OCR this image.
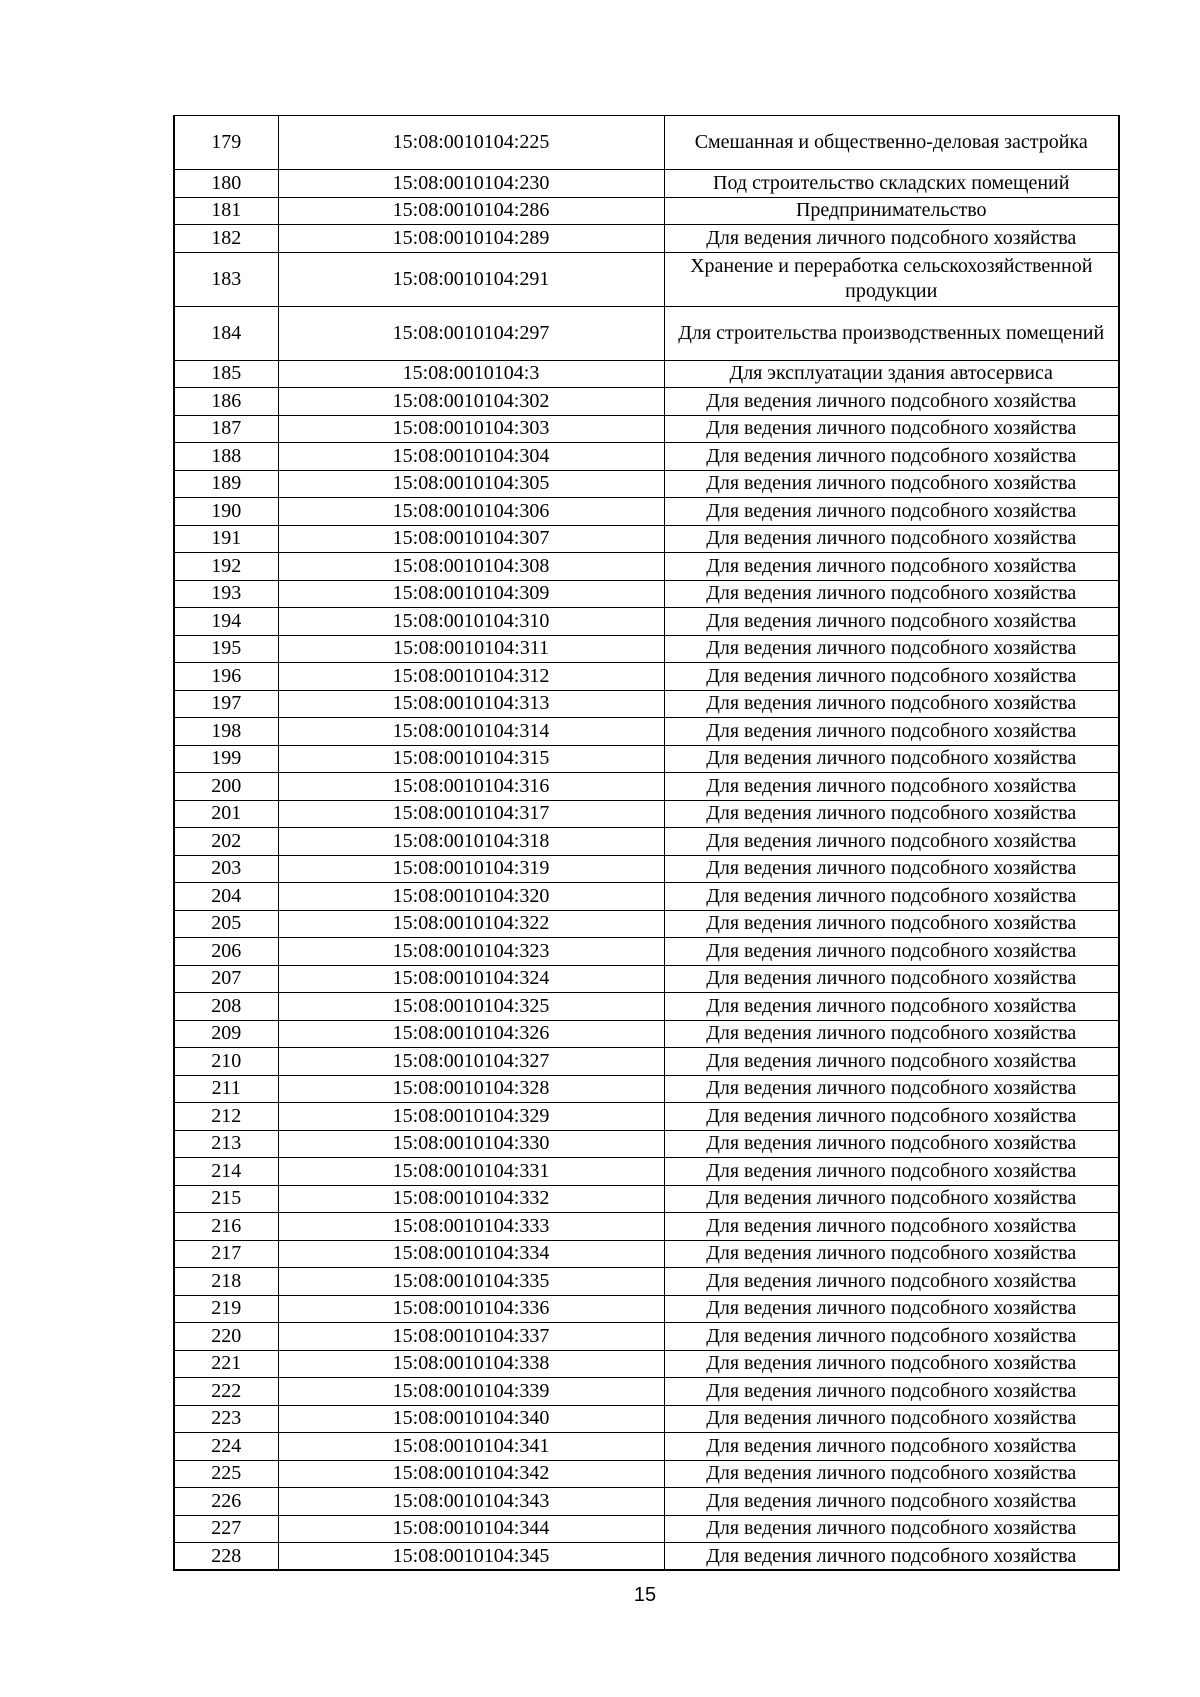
179	15:08:0010104:225	Смешанная и общественно-деловая застройка
180	15:08:0010104:230	Под строительство складских помещений
181	15:08:0010104:286	Предпринимательство
182	15:08:0010104:289	Для ведения личного подсобного хозяйства
183	15:08:0010104:291	Хранение и переработка сельскохозяйственной продукции
184	15:08:0010104:297	Для строительства производственных помещений
185	15:08:0010104:3	Для эксплуатации здания автосервиса
186	15:08:0010104:302	Для ведения личного подсобного хозяйства
187	15:08:0010104:303	Для ведения личного подсобного хозяйства
188	15:08:0010104:304	Для ведения личного подсобного хозяйства
189	15:08:0010104:305	Для ведения личного подсобного хозяйства
190	15:08:0010104:306	Для ведения личного подсобного хозяйства
191	15:08:0010104:307	Для ведения личного подсобного хозяйства
192	15:08:0010104:308	Для ведения личного подсобного хозяйства
193	15:08:0010104:309	Для ведения личного подсобного хозяйства
194	15:08:0010104:310	Для ведения личного подсобного хозяйства
195	15:08:0010104:311	Для ведения личного подсобного хозяйства
196	15:08:0010104:312	Для ведения личного подсобного хозяйства
197	15:08:0010104:313	Для ведения личного подсобного хозяйства
198	15:08:0010104:314	Для ведения личного подсобного хозяйства
199	15:08:0010104:315	Для ведения личного подсобного хозяйства
200	15:08:0010104:316	Для ведения личного подсобного хозяйства
201	15:08:0010104:317	Для ведения личного подсобного хозяйства
202	15:08:0010104:318	Для ведения личного подсобного хозяйства
203	15:08:0010104:319	Для ведения личного подсобного хозяйства
204	15:08:0010104:320	Для ведения личного подсобного хозяйства
205	15:08:0010104:322	Для ведения личного подсобного хозяйства
206	15:08:0010104:323	Для ведения личного подсобного хозяйства
207	15:08:0010104:324	Для ведения личного подсобного хозяйства
208	15:08:0010104:325	Для ведения личного подсобного хозяйства
209	15:08:0010104:326	Для ведения личного подсобного хозяйства
210	15:08:0010104:327	Для ведения личного подсобного хозяйства
211	15:08:0010104:328	Для ведения личного подсобного хозяйства
212	15:08:0010104:329	Для ведения личного подсобного хозяйства
213	15:08:0010104:330	Для ведения личного подсобного хозяйства
214	15:08:0010104:331	Для ведения личного подсобного хозяйства
215	15:08:0010104:332	Для ведения личного подсобного хозяйства
216	15:08:0010104:333	Для ведения личного подсобного хозяйства
217	15:08:0010104:334	Для ведения личного подсобного хозяйства
218	15:08:0010104:335	Для ведения личного подсобного хозяйства
219	15:08:0010104:336	Для ведения личного подсобного хозяйства
220	15:08:0010104:337	Для ведения личного подсобного хозяйства
221	15:08:0010104:338	Для ведения личного подсобного хозяйства
222	15:08:0010104:339	Для ведения личного подсобного хозяйства
223	15:08:0010104:340	Для ведения личного подсобного хозяйства
224	15:08:0010104:341	Для ведения личного подсобного хозяйства
225	15:08:0010104:342	Для ведения личного подсобного хозяйства
226	15:08:0010104:343	Для ведения личного подсобного хозяйства
227	15:08:0010104:344	Для ведения личного подсобного хозяйства
228	15:08:0010104:345	Для ведения личного подсобного хозяйства
15
